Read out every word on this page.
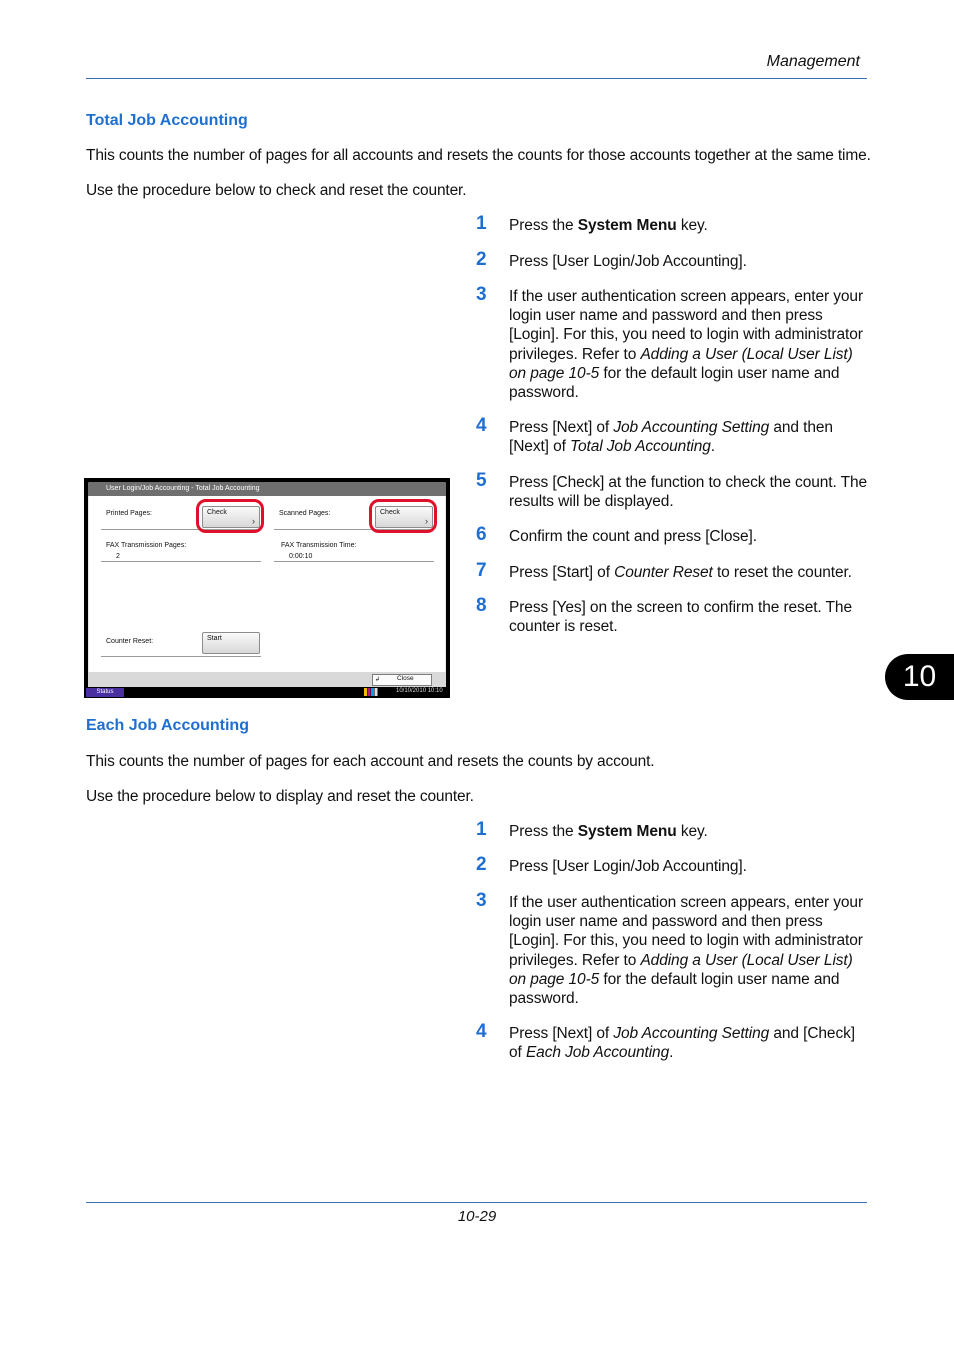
Management
Total Job Accounting
This counts the number of pages for all accounts and resets the counts for those accounts together at the same time.
Use the procedure below to check and reset the counter.
1	Press the System Menu key.
2	Press [User Login/Job Accounting].
3	If the user authentication screen appears, enter your login user name and password and then press [Login]. For this, you need to login with administrator privileges. Refer to Adding a User (Local User List) on page 10-5 for the default login user name and password.
4	Press [Next] of Job Accounting Setting and then [Next] of Total Job Accounting.
5	Press [Check] at the function to check the count. The results will be displayed.
6	Confirm the count and press [Close].
7	Press [Start] of Counter Reset to reset the counter.
8	Press [Yes] on the screen to confirm the reset. The counter is reset.
User Login/Job Accounting - Total Job Accounting
Printed Pages:	Check
›
Scanned Pages:	Check
›
FAX Transmission Pages:
2
FAX Transmission Time:
0:00:10
Counter Reset:	Start
↲	Close
Status	10/10/2010 10:10	10
Each Job Accounting
This counts the number of pages for each account and resets the counts by account.
Use the procedure below to display and reset the counter.
1	Press the System Menu key.
2	Press [User Login/Job Accounting].
3	If the user authentication screen appears, enter your login user name and password and then press [Login]. For this, you need to login with administrator privileges. Refer to Adding a User (Local User List) on page 10-5 for the default login user name and password.
4	Press [Next] of Job Accounting Setting and [Check] of Each Job Accounting.
10-29
